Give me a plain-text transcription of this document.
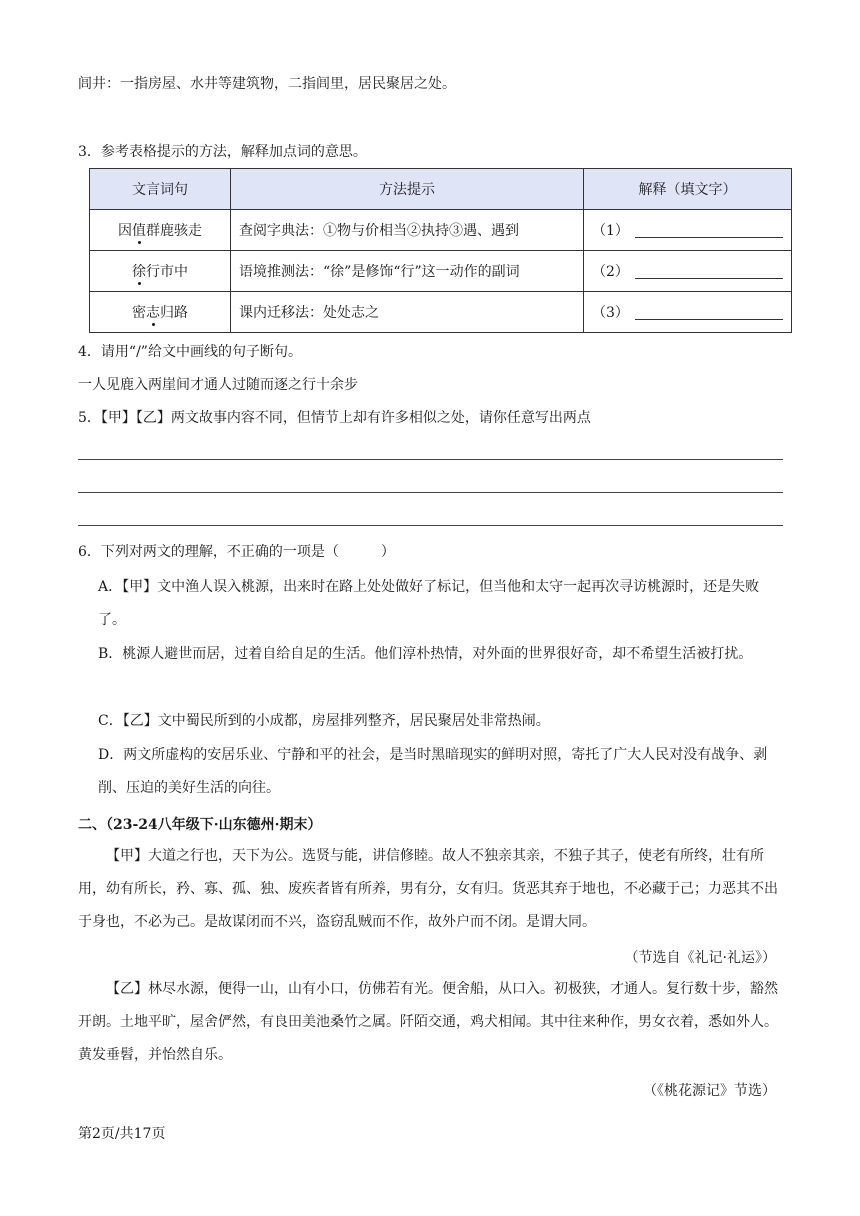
闾井：一指房屋、水井等建筑物，二指闾里，居民聚居之处。
3．参考表格提示的方法，解释加点词的意思。
文言词句	方法提示	解释（填文字）
因值群鹿骇走	查阅字典法：①物与价相当②执持③遇、遇到	（1）
徐行市中	语境推测法：“徐”是修饰“行”这一动作的副词	（2）
密志归路	课内迁移法：处处志之	（3）
4．请用“/”给文中画线的句子断句。
一人见鹿入两崖间才通人过随而逐之行十余步
5．【甲】【乙】两文故事内容不同，但情节上却有许多相似之处，请你任意写出两点
6．下列对两文的理解，不正确的一项是（　　　）
A．【甲】文中渔人误入桃源，出来时在路上处处做好了标记，但当他和太守一起再次寻访桃源时，还是失败了。
B．桃源人避世而居，过着自给自足的生活。他们淳朴热情，对外面的世界很好奇，却不希望生活被打扰。
C．【乙】文中蜀民所到的小成都，房屋排列整齐，居民聚居处非常热闹。
D．两文所虚构的安居乐业、宁静和平的社会，是当时黑暗现实的鲜明对照，寄托了广大人民对没有战争、剥削、压迫的美好生活的向往。
二、（23-24八年级下·山东德州·期末）
【甲】大道之行也，天下为公。选贤与能，讲信修睦。故人不独亲其亲，不独子其子，使老有所终，壮有所用，幼有所长，矜、寡、孤、独、废疾者皆有所养，男有分，女有归。货恶其弃于地也，不必藏于己；力恶其不出于身也，不必为己。是故谋闭而不兴，盗窃乱贼而不作，故外户而不闭。是谓大同。
（节选自《礼记·礼运》）
【乙】林尽水源，便得一山，山有小口，仿佛若有光。便舍船，从口入。初极狭，才通人。复行数十步，豁然开朗。土地平旷，屋舍俨然，有良田美池桑竹之属。阡陌交通，鸡犬相闻。其中往来种作，男女衣着，悉如外人。黄发垂髫，并怡然自乐。
（《桃花源记》节选）
第2页/共17页
